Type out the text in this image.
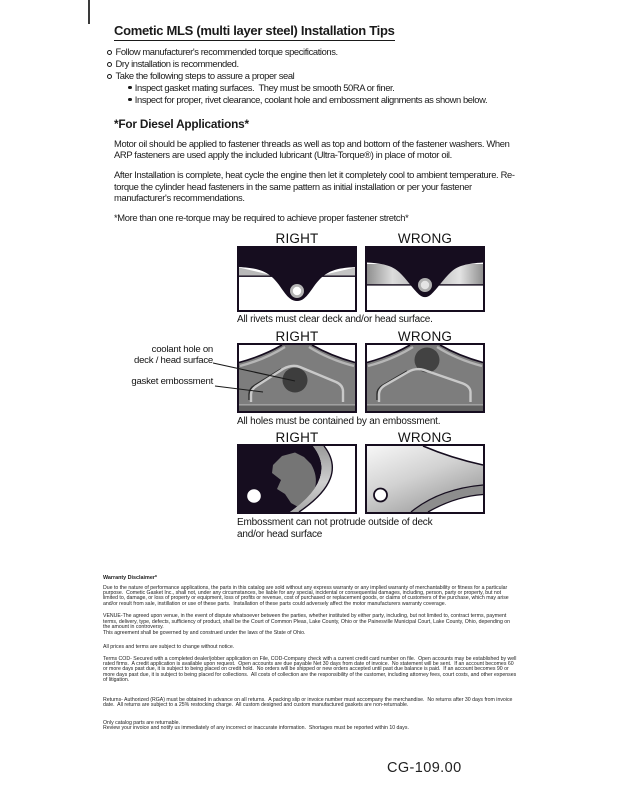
Cometic MLS (multi layer steel) Installation Tips
Follow manufacturer's recommended torque specifications.
Dry installation is recommended.
Take the following steps to assure a proper seal
Inspect gasket mating surfaces.  They must be smooth 50RA or finer.
Inspect for proper, rivet clearance, coolant hole and embossment alignments as shown below.
*For Diesel Applications*

Motor oil should be applied to fastener threads as well as top and bottom of the fastener washers. When ARP fasteners are used apply the included lubricant (Ultra-Torque®) in place of motor oil.

After Installation is complete, heat cycle the engine then let it completely cool to ambient temperature. Re-torque the cylinder head fasteners in the same pattern as initial installation or per your fastener manufacturer's recommendations.

*More than one re-torque may be required to achieve proper fastener stretch*

RIGHT	WRONG
All rivets must clear deck and/or head surface.
RIGHT	WRONG
coolant hole on
deck / head surface
gasket embossment
All holes must be contained by an embossment.
RIGHT	WRONG
Embossment can not protrude outside of deck
and/or head surface
Warranty Disclaimer*

Due to the nature of performance applications, the parts in this catalog are sold without any express warranty or any implied warranty of merchantability or fitness for a particular purpose.  Cometic Gasket Inc., shall not, under any circumstances, be liable for any special, incidental or consequential damages, including, person, party or property, but not limited to, damage, or loss of property or equipment, loss of profits or revenue, cost of purchased or replacement goods, or claims of customers of the purchase, which may arise and/or result from sale, instillation or use of these parts.  Installation of these parts could adversely affect the motor manufacturers warranty coverage.

VENUE-The agreed upon venue, in the event of dispute whatsoever between the parties, whether instituted by either party, including, but not limited to, contract terms, payment terms, delivery, type, defects, sufficiency of product, shall be the Court of Common Pleas, Lake County, Ohio or the Painesville Municipal Court, Lake County, Ohio, depending on the amount in controversy.

This agreement shall be governed by and construed under the laws of the State of Ohio.

All prices and terms are subject to change without notice.

Terms COD- Secured with a completed dealer/jobber application on File, COD-Company check with a current credit card number on file.  Open accounts may be established by well rated firms.  A credit application is available upon request.  Open accounts are due payable Net 30 days from date of invoice.  No statement will be sent.  If an account becomes 60 or more days past due, it is subject to being placed on credit hold.  No orders will be shipped or new orders accepted until past due balance is paid.  If an account becomes 90 or more days past due, it is subject to being placed for collections.  All costs of collection are the responsibility of the customer, including attorney fees, court costs, and other expenses of litigation.

Returns- Authorized (RGA) must be obtained in advance on all returns.  A packing slip or invoice number must accompany the merchandise.  No returns after 30 days from invoice date.  All returns are subject to a 25% restocking charge.  All custom designed and custom manufactured gaskets are non-returnable.

Only catalog parts are returnable.

Review your invoice and notify us immediately of any incorrect or inaccurate information.  Shortages must be reported within 10 days.

CG-109.00
